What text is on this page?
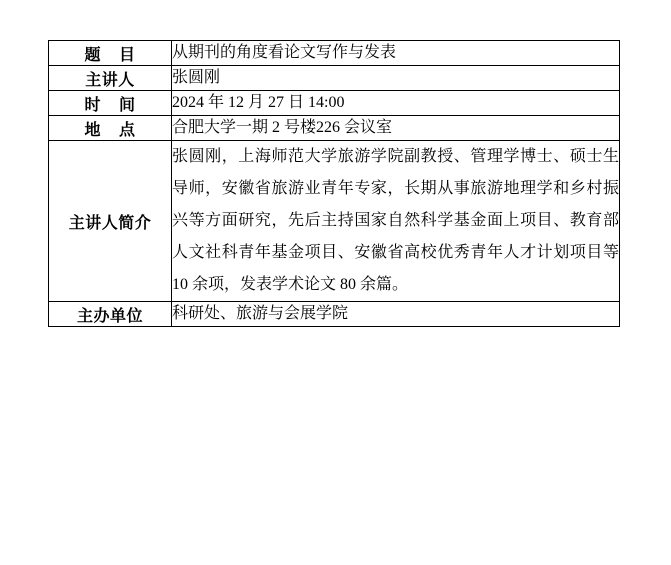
题    目	从期刊的角度看论文写作与发表
主讲人	张圆刚
时    间	2024 年 12 月 27 日 14:00
地    点	合肥大学一期 2 号楼226 会议室
主讲人简介	张圆刚，上海师范大学旅游学院副教授、管理学博士、硕士生导师，安徽省旅游业青年专家，长期从事旅游地理学和乡村振兴等方面研究，先后主持国家自然科学基金面上项目、教育部人文社科青年基金项目、安徽省高校优秀青年人才计划项目等 10 余项，发表学术论文 80 余篇。
主办单位	科研处、旅游与会展学院
